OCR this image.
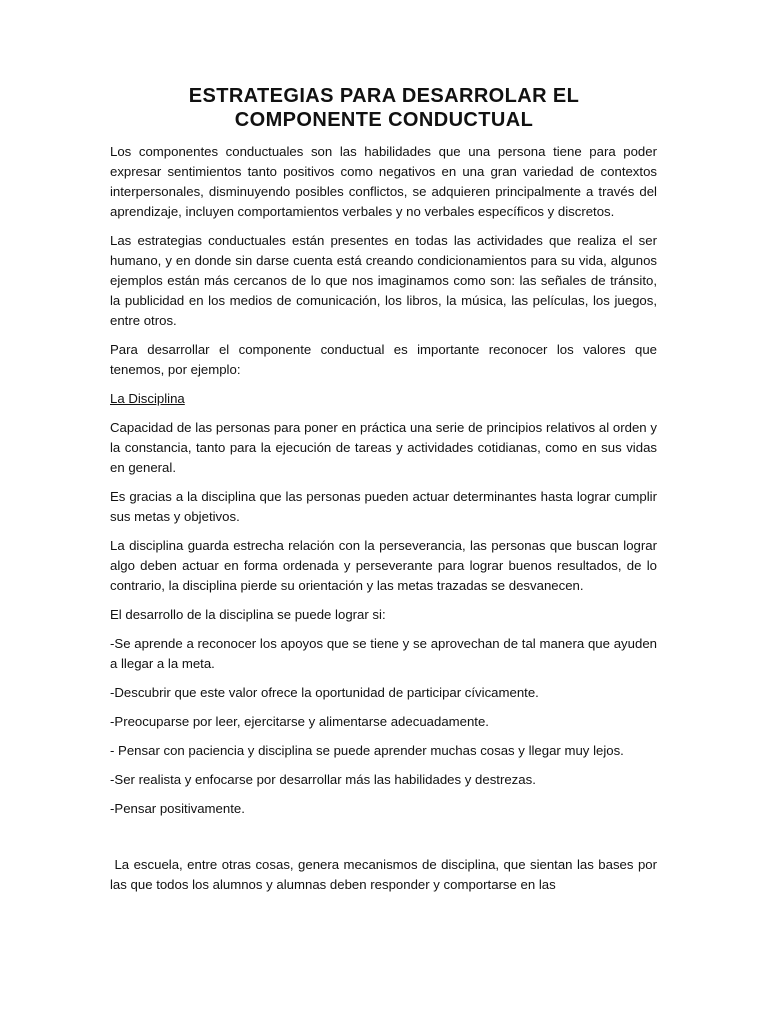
ESTRATEGIAS PARA DESARROLAR EL
COMPONENTE CONDUCTUAL

Los componentes conductuales son las habilidades que una persona tiene para poder expresar sentimientos tanto positivos como negativos en una gran variedad de contextos interpersonales, disminuyendo posibles conflictos, se adquieren principalmente a través del aprendizaje, incluyen comportamientos verbales y no verbales específicos y discretos.

Las estrategias conductuales están presentes en todas las actividades que realiza el ser humano, y en donde sin darse cuenta está creando condicionamientos para su vida, algunos ejemplos están más cercanos de lo que nos imaginamos como son: las señales de tránsito, la publicidad en los medios de comunicación, los libros, la música, las películas, los juegos, entre otros.

Para desarrollar el componente conductual es importante reconocer los valores que tenemos, por ejemplo:

La Disciplina

Capacidad de las personas para poner en práctica una serie de principios relativos al orden y la constancia, tanto para la ejecución de tareas y actividades cotidianas, como en sus vidas en general.

Es gracias a la disciplina que las personas pueden actuar determinantes hasta lograr cumplir sus metas y objetivos.

La disciplina guarda estrecha relación con la perseverancia, las personas que buscan lograr algo deben actuar en forma ordenada y perseverante para lograr buenos resultados, de lo contrario, la disciplina pierde su orientación y las metas trazadas se desvanecen.

El desarrollo de la disciplina se puede lograr si:

-Se aprende a reconocer los apoyos que se tiene y se aprovechan de tal manera que ayuden a llegar a la meta.

-Descubrir que este valor ofrece la oportunidad de participar cívicamente.

-Preocuparse por leer, ejercitarse y alimentarse adecuadamente.

- Pensar con paciencia y disciplina se puede aprender muchas cosas y llegar muy lejos.

-Ser realista y enfocarse por desarrollar más las habilidades y destrezas.

-Pensar positivamente.

La escuela, entre otras cosas, genera mecanismos de disciplina, que sientan las bases por las que todos los alumnos y alumnas deben responder y comportarse en las
